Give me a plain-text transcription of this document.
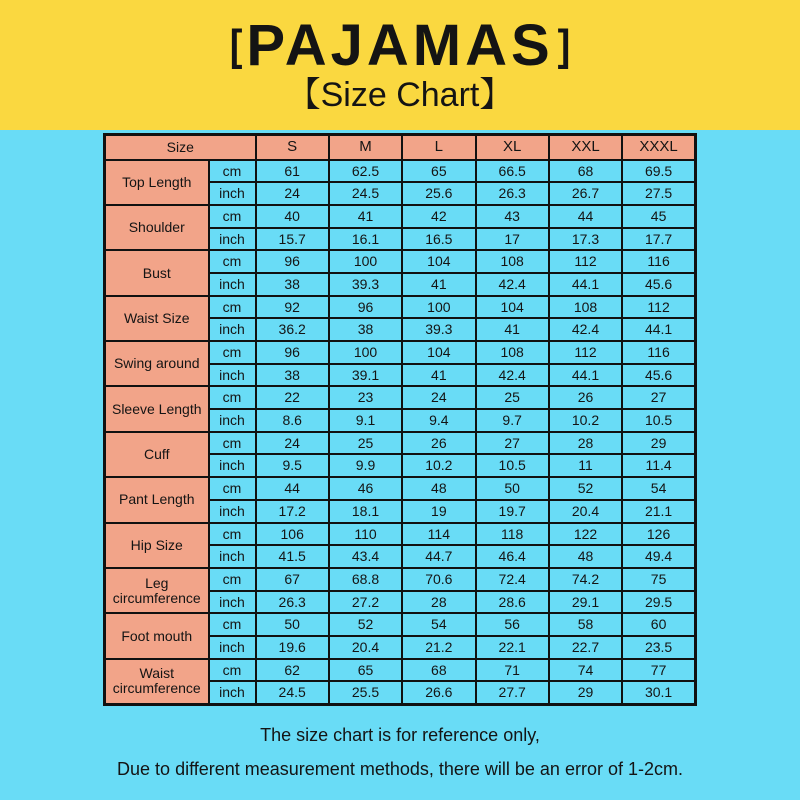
[ PAJAMAS ]
【Size Chart】
Size		S	M	L	XL	XXL	XXXL
Top Length	cm	61	62.5	65	66.5	68	69.5
	inch	24	24.5	25.6	26.3	26.7	27.5
Shoulder	cm	40	41	42	43	44	45
	inch	15.7	16.1	16.5	17	17.3	17.7
Bust	cm	96	100	104	108	112	116
	inch	38	39.3	41	42.4	44.1	45.6
Waist Size	cm	92	96	100	104	108	112
	inch	36.2	38	39.3	41	42.4	44.1
Swing around	cm	96	100	104	108	112	116
	inch	38	39.1	41	42.4	44.1	45.6
Sleeve Length	cm	22	23	24	25	26	27
	inch	8.6	9.1	9.4	9.7	10.2	10.5
Cuff	cm	24	25	26	27	28	29
	inch	9.5	9.9	10.2	10.5	11	11.4
Pant Length	cm	44	46	48	50	52	54
	inch	17.2	18.1	19	19.7	20.4	21.1
Hip Size	cm	106	110	114	118	122	126
	inch	41.5	43.4	44.7	46.4	48	49.4
Leg circumference	cm	67	68.8	70.6	72.4	74.2	75
	inch	26.3	27.2	28	28.6	29.1	29.5
Foot mouth	cm	50	52	54	56	58	60
	inch	19.6	20.4	21.2	22.1	22.7	23.5
Waist circumference	cm	62	65	68	71	74	77
	inch	24.5	25.5	26.6	27.7	29	30.1
The size chart is for reference only,
Due to different measurement methods, there will be an error of 1-2cm.
